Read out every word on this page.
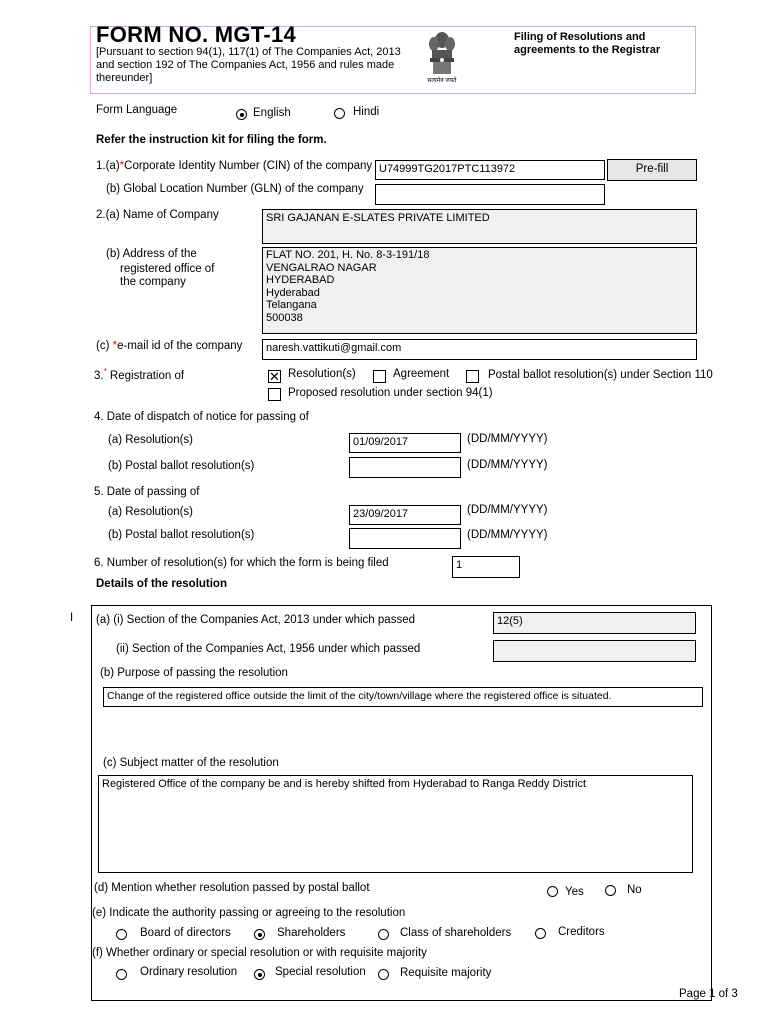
FORM NO. MGT-14
[Pursuant to section 94(1), 117(1) of The Companies Act, 2013 and section 192 of The Companies Act, 1956 and rules made thereunder]	सत्यमेव जयते
Filing of Resolutions and agreements to the Registrar
Form Language	English	Hindi
Refer the instruction kit for filing the form.
1.(a)*Corporate Identity Number (CIN) of the company U74999TG2017PTC113972	Pre-fill
(b) Global Location Number (GLN) of the company
2.(a) Name of Company	SRI GAJANAN E-SLATES PRIVATE LIMITED
(b) Address of the
registered office of
the company
FLAT NO. 201, H. No. 8-3-191/18
VENGALRAO NAGAR
HYDERABAD
Hyderabad
Telangana
500038
(c) *e-mail id of the company	naresh.vattikuti@gmail.com
3.* Registration of	✕ Resolution(s)	Agreement	Postal ballot resolution(s) under Section 110
Proposed resolution under section 94(1)
4. Date of dispatch of notice for passing of
(a) Resolution(s)	01/09/2017	(DD/MM/YYYY)
(b) Postal ballot resolution(s)	(DD/MM/YYYY)
5. Date of passing of
(a) Resolution(s)	23/09/2017	(DD/MM/YYYY)
(b) Postal ballot resolution(s)	(DD/MM/YYYY)
6. Number of resolution(s) for which the form is being filed	1
Details of the resolution
I (a) (i) Section of the Companies Act, 2013 under which passed	12(5)
(ii) Section of the Companies Act, 1956 under which passed
(b) Purpose of passing the resolution
Change of the registered office outside the limit of the city/town/village where the registered office is situated.
(c) Subject matter of the resolution
Registered Office of the company be and is hereby shifted from Hyderabad to Ranga Reddy District
(d) Mention whether resolution passed by postal ballot	Yes	No
(e) Indicate the authority passing or agreeing to the resolution
Board of directors	Shareholders	Class of shareholders	Creditors
(f) Whether ordinary or special resolution or with requisite majority
Ordinary resolution	Special resolution	Requisite majority
Page 1 of 3
